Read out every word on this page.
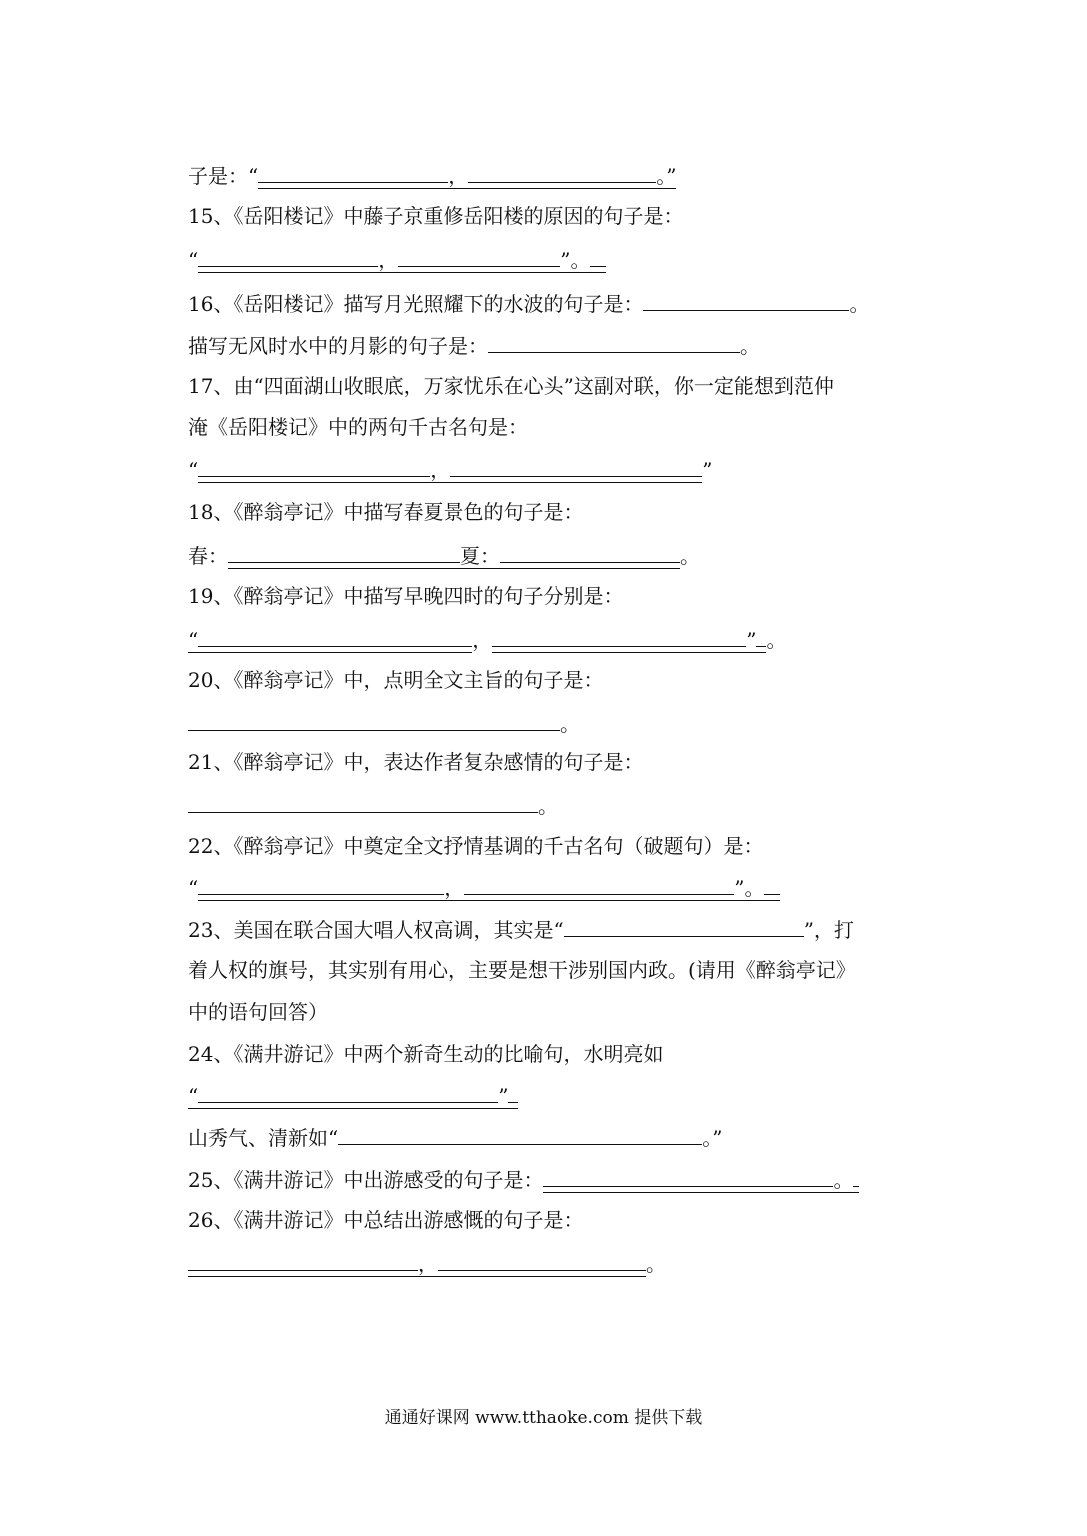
子是：“	，	。”
15、《岳阳楼记》中藤子京重修岳阳楼的原因的句子是：
“	，	”。
16、《岳阳楼记》描写月光照耀下的水波的句子是：	。
描写无风时水中的月影的句子是：	。
17、由“四面湖山收眼底，万家忧乐在心头”这副对联，你一定能想到范仲
淹《岳阳楼记》中的两句千古名句是：
“	，	”
18、《醉翁亭记》中描写春夏景色的句子是：
春：	夏：	。
19、《醉翁亭记》中描写早晚四时的句子分别是：
“	，	” 。
20、《醉翁亭记》中，点明全文主旨的句子是：
。
21、《醉翁亭记》中，表达作者复杂感情的句子是：
。
22、《醉翁亭记》中奠定全文抒情基调的千古名句（破题句）是：
“	，	”。
23、美国在联合国大唱人权高调，其实是“	”，打
着人权的旗号，其实别有用心，主要是想干涉别国内政。(请用《醉翁亭记》
中的语句回答）
24、《满井游记》中两个新奇生动的比喻句，水明亮如
“	”
山秀气、清新如“	。”
25、《满井游记》中出游感受的句子是：	。
26、《满井游记》中总结出游感慨的句子是：
，	。
通通好课网 www.tthaoke.com 提供下载
